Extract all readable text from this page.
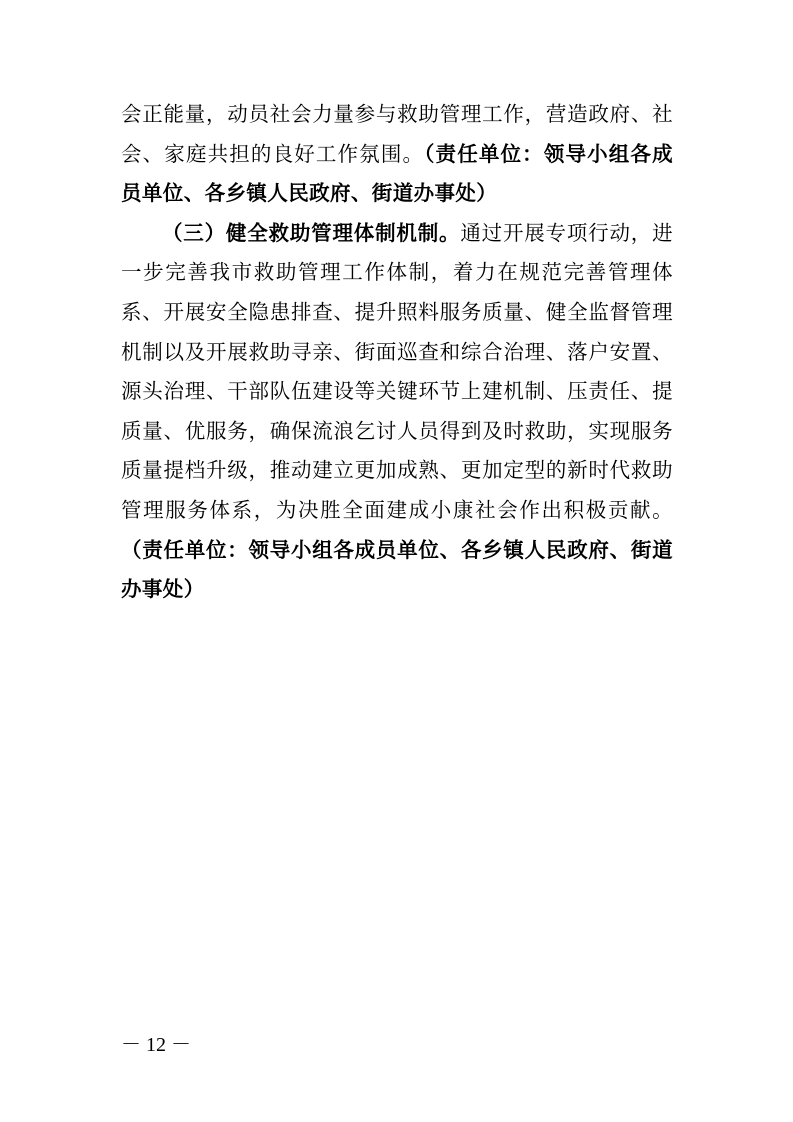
会正能量，动员社会力量参与救助管理工作，营造政府、社会、家庭共担的良好工作氛围。（责任单位：领导小组各成员单位、各乡镇人民政府、街道办事处）

（三）健全救助管理体制机制。通过开展专项行动，进一步完善我市救助管理工作体制，着力在规范完善管理体系、开展安全隐患排查、提升照料服务质量、健全监督管理机制以及开展救助寻亲、街面巡查和综合治理、落户安置、源头治理、干部队伍建设等关键环节上建机制、压责任、提质量、优服务，确保流浪乞讨人员得到及时救助，实现服务质量提档升级，推动建立更加成熟、更加定型的新时代救助管理服务体系，为决胜全面建成小康社会作出积极贡献。（责任单位：领导小组各成员单位、各乡镇人民政府、街道办事处）

－ 12 －
